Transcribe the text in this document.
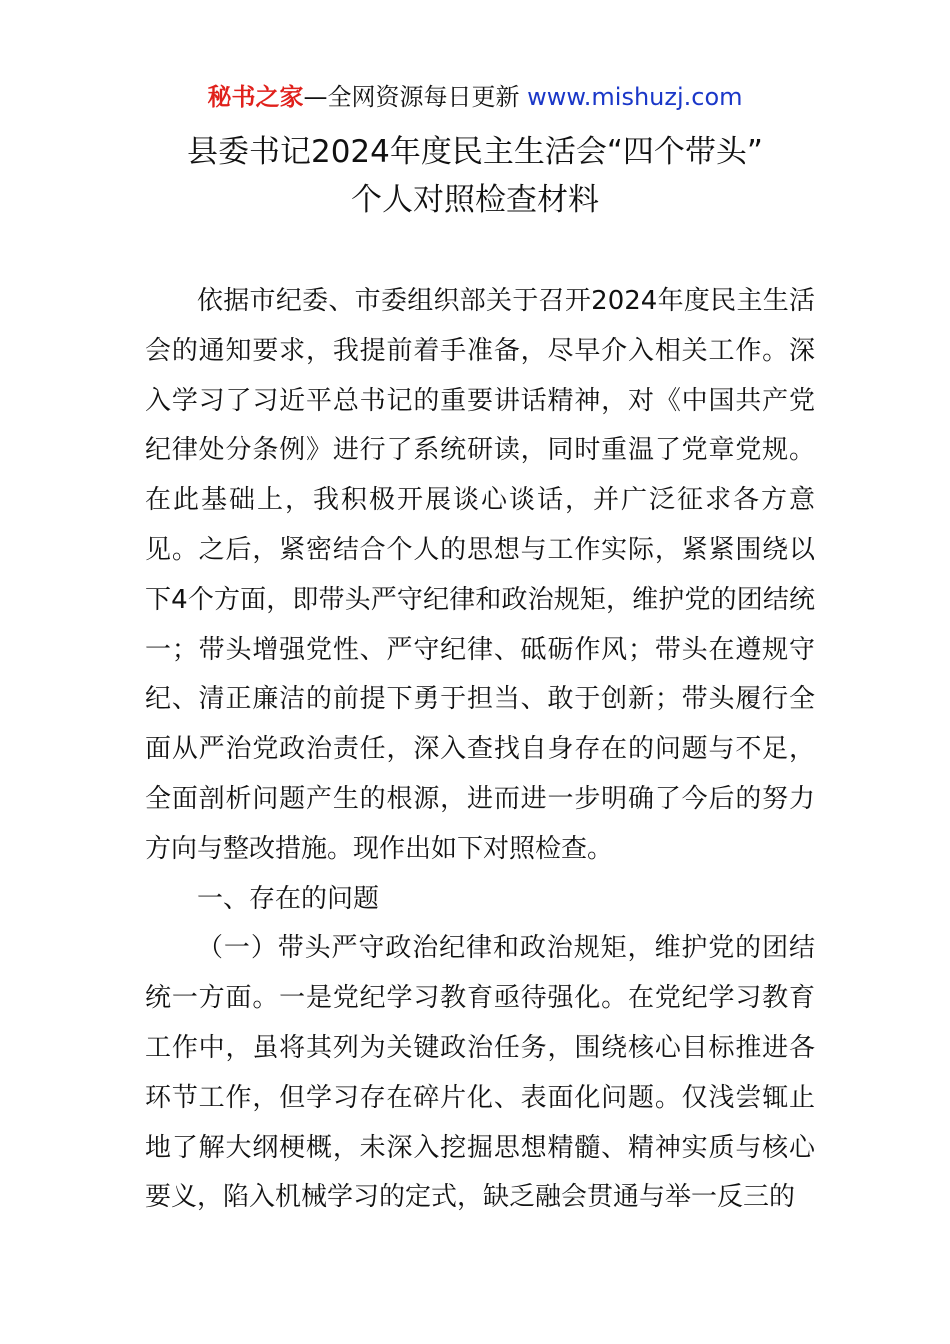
秘书之家—全网资源每日更新 www.mishuzj.com
县委书记2024年度民主生活会“四个带头”
个人对照检查材料

依据市纪委、市委组织部关于召开2024年度民主生活会的通知要求，我提前着手准备，尽早介入相关工作。深入学习了习近平总书记的重要讲话精神，对《中国共产党纪律处分条例》进行了系统研读，同时重温了党章党规。在此基础上，我积极开展谈心谈话，并广泛征求各方意见。之后，紧密结合个人的思想与工作实际，紧紧围绕以下4个方面，即带头严守纪律和政治规矩，维护党的团结统一；带头增强党性、严守纪律、砥砺作风；带头在遵规守纪、清正廉洁的前提下勇于担当、敢于创新；带头履行全面从严治党政治责任，深入查找自身存在的问题与不足，全面剖析问题产生的根源，进而进一步明确了今后的努力方向与整改措施。现作出如下对照检查。

一、存在的问题

（一）带头严守政治纪律和政治规矩，维护党的团结统一方面。一是党纪学习教育亟待强化。在党纪学习教育工作中，虽将其列为关键政治任务，围绕核心目标推进各环节工作，但学习存在碎片化、表面化问题。仅浅尝辄止地了解大纲梗概，未深入挖掘思想精髓、精神实质与核心要义，陷入机械学习的定式，缺乏融会贯通与举一反三的
